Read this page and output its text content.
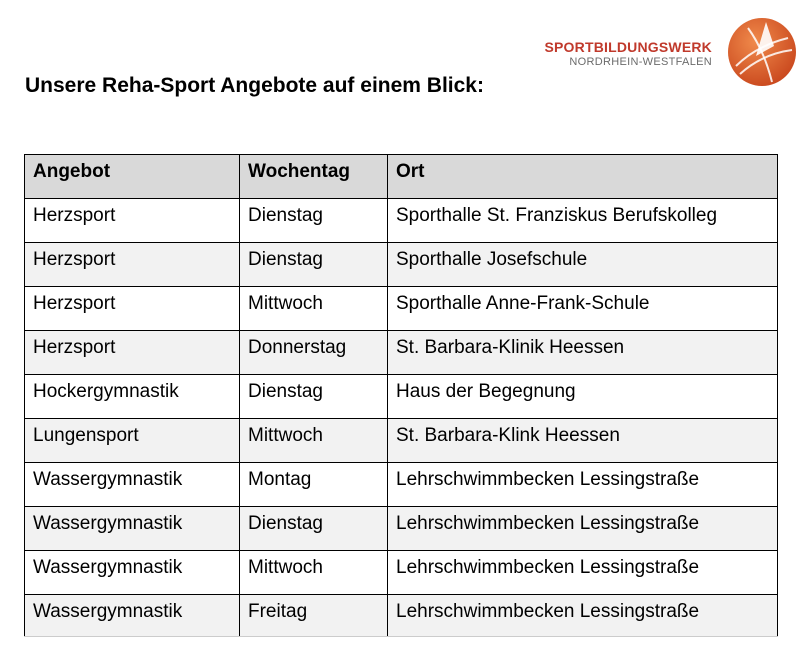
SPORTBILDUNGSWERK
NORDRHEIN-WESTFALEN
Unsere Reha-Sport Angebote auf einem Blick:
Angebot	Wochentag	Ort
Herzsport	Dienstag	Sporthalle St. Franziskus Berufskolleg
Herzsport	Dienstag	Sporthalle Josefschule
Herzsport	Mittwoch	Sporthalle Anne-Frank-Schule
Herzsport	Donnerstag	St. Barbara-Klinik Heessen
Hockergymnastik	Dienstag	Haus der Begegnung
Lungensport	Mittwoch	St. Barbara-Klink Heessen
Wassergymnastik	Montag	Lehrschwimmbecken Lessingstraße
Wassergymnastik	Dienstag	Lehrschwimmbecken Lessingstraße
Wassergymnastik	Mittwoch	Lehrschwimmbecken Lessingstraße
Wassergymnastik	Freitag	Lehrschwimmbecken Lessingstraße
